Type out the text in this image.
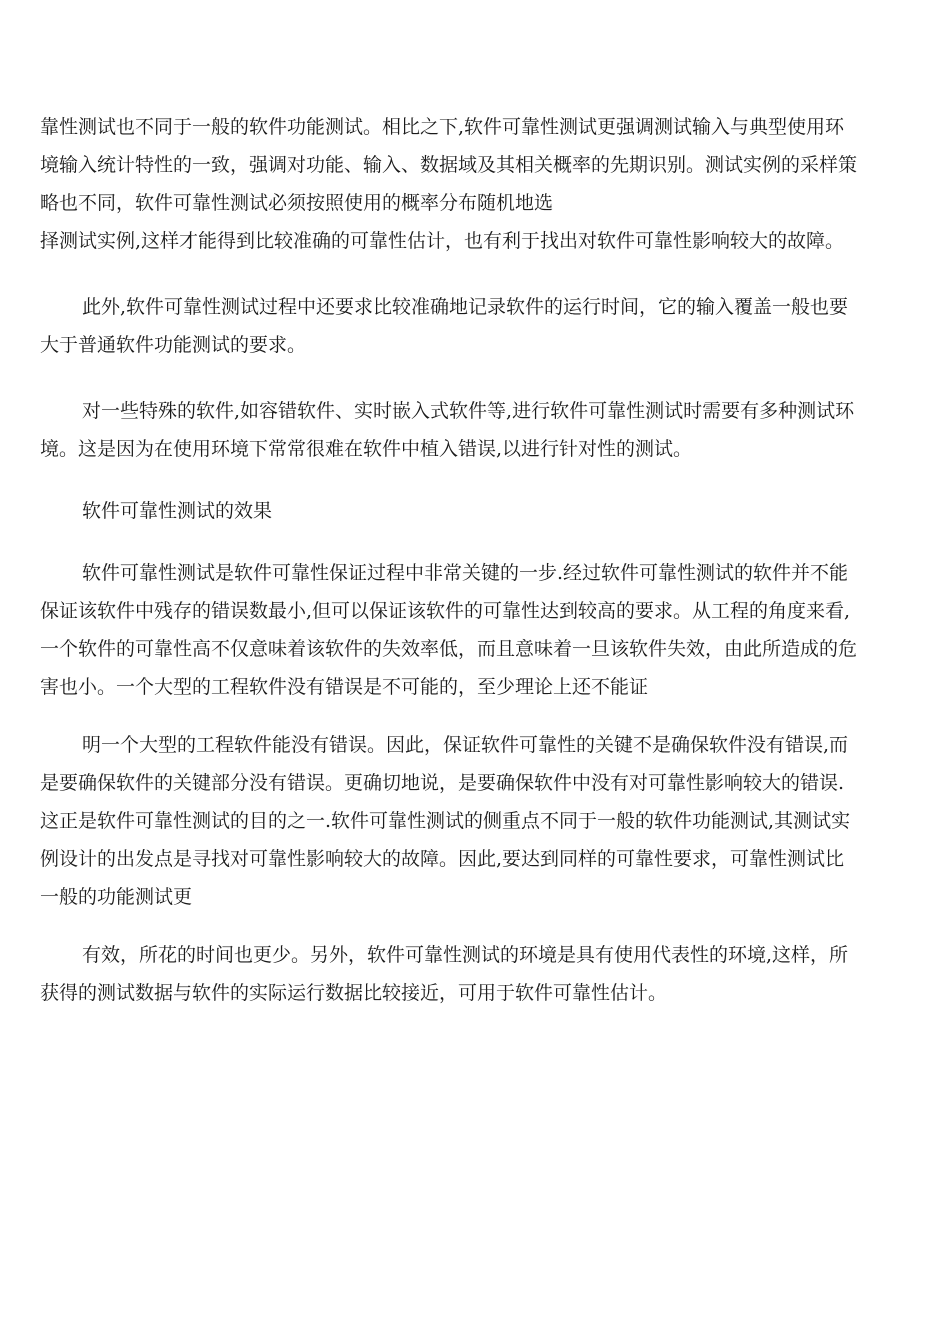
靠性测试也不同于一般的软件功能测试。相比之下,软件可靠性测试更强调测试输入与典型使用环

境输入统计特性的一致，强调对功能、输入、数据域及其相关概率的先期识别。测试实例的采样策

略也不同，软件可靠性测试必须按照使用的概率分布随机地选

择测试实例,这样才能得到比较准确的可靠性估计，也有利于找出对软件可靠性影响较大的故障。

此外,软件可靠性测试过程中还要求比较准确地记录软件的运行时间，它的输入覆盖一般也要

大于普通软件功能测试的要求。

对一些特殊的软件,如容错软件、实时嵌入式软件等,进行软件可靠性测试时需要有多种测试环

境。这是因为在使用环境下常常很难在软件中植入错误,以进行针对性的测试。

软件可靠性测试的效果

软件可靠性测试是软件可靠性保证过程中非常关键的一步.经过软件可靠性测试的软件并不能

保证该软件中残存的错误数最小,但可以保证该软件的可靠性达到较高的要求。从工程的角度来看,

一个软件的可靠性高不仅意味着该软件的失效率低，而且意味着一旦该软件失效，由此所造成的危

害也小。一个大型的工程软件没有错误是不可能的，至少理论上还不能证

明一个大型的工程软件能没有错误。因此，保证软件可靠性的关键不是确保软件没有错误,而

是要确保软件的关键部分没有错误。更确切地说，是要确保软件中没有对可靠性影响较大的错误.

这正是软件可靠性测试的目的之一.软件可靠性测试的侧重点不同于一般的软件功能测试,其测试实

例设计的出发点是寻找对可靠性影响较大的故障。因此,要达到同样的可靠性要求，可靠性测试比

一般的功能测试更

有效，所花的时间也更少。另外，软件可靠性测试的环境是具有使用代表性的环境,这样，所

获得的测试数据与软件的实际运行数据比较接近，可用于软件可靠性估计。
